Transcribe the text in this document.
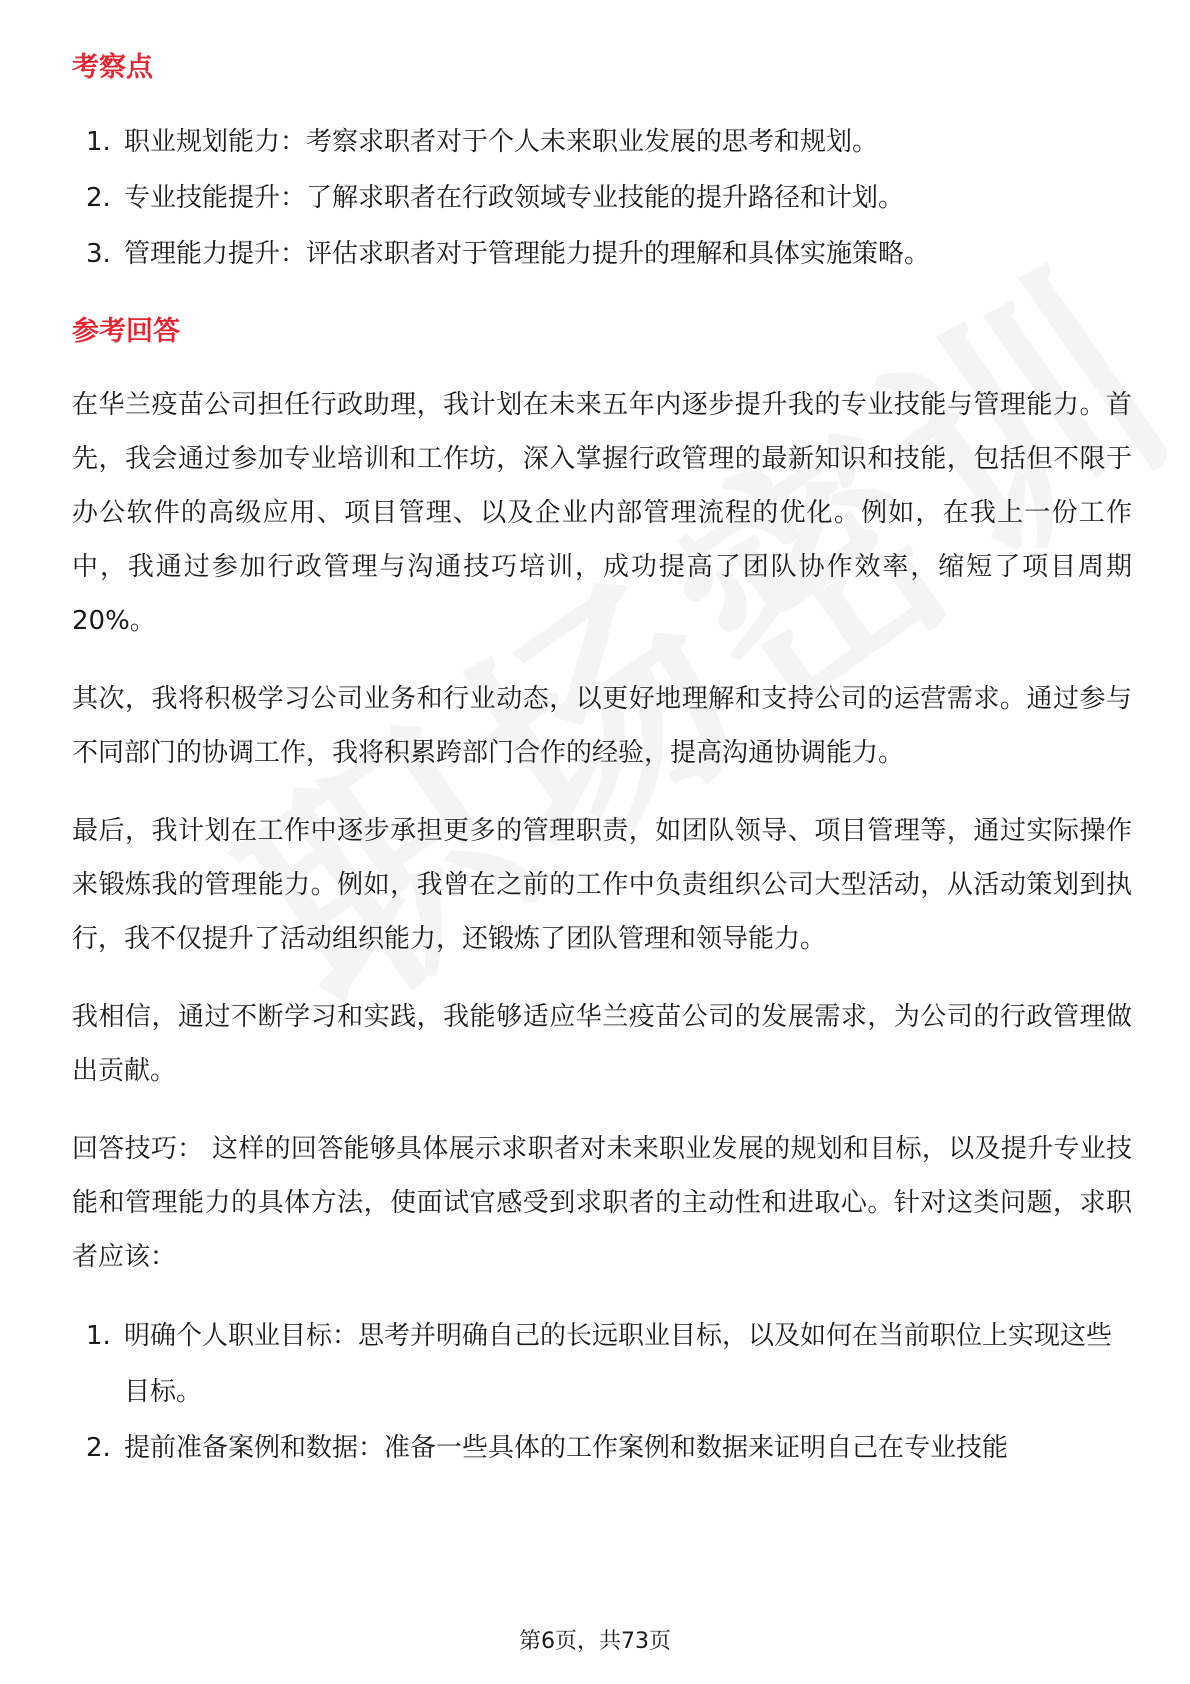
考察点
1. 职业规划能力：考察求职者对于个人未来职业发展的思考和规划。
2. 专业技能提升：了解求职者在行政领域专业技能的提升路径和计划。
3. 管理能力提升：评估求职者对于管理能力提升的理解和具体实施策略。
参考回答

在华兰疫苗公司担任行政助理，我计划在未来五年内逐步提升我的专业技能与管理能力。首先，我会通过参加专业培训和工作坊，深入掌握行政管理的最新知识和技能，包括但不限于办公软件的高级应用、项目管理、以及企业内部管理流程的优化。例如，在我上一份工作中，我通过参加行政管理与沟通技巧培训，成功提高了团队协作效率，缩短了项目周期20%。

其次，我将积极学习公司业务和行业动态，以更好地理解和支持公司的运营需求。通过参与不同部门的协调工作，我将积累跨部门合作的经验，提高沟通协调能力。

最后，我计划在工作中逐步承担更多的管理职责，如团队领导、项目管理等，通过实际操作来锻炼我的管理能力。例如，我曾在之前的工作中负责组织公司大型活动，从活动策划到执行，我不仅提升了活动组织能力，还锻炼了团队管理和领导能力。

我相信，通过不断学习和实践，我能够适应华兰疫苗公司的发展需求，为公司的行政管理做出贡献。

回答技巧： 这样的回答能够具体展示求职者对未来职业发展的规划和目标，以及提升专业技能和管理能力的具体方法，使面试官感受到求职者的主动性和进取心。针对这类问题，求职者应该：

1. 明确个人职业目标：思考并明确自己的长远职业目标，以及如何在当前职位上实现这些目标。
2. 提前准备案例和数据：准备一些具体的工作案例和数据来证明自己在专业技能
第6页，共73页
